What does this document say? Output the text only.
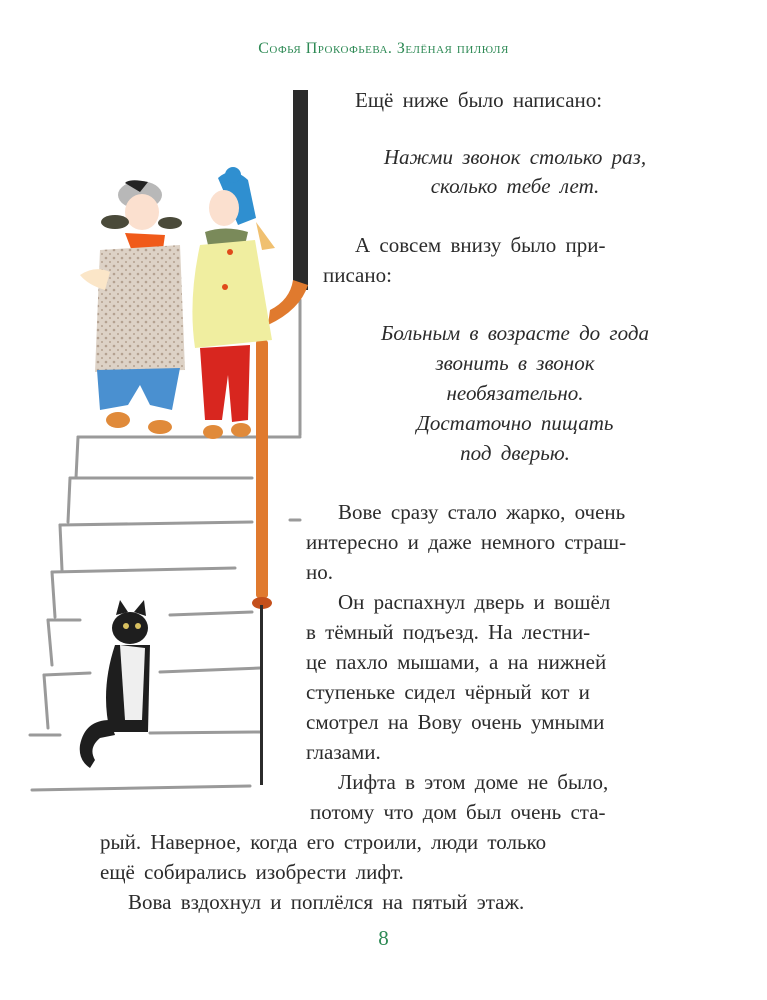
Софья Прокофьева. Зелёная пилюля
Ещё ниже было написано:
Нажми звонок столько раз,
сколько тебе лет.
А совсем внизу было при-
писано:
Больным в возрасте до года
звонить в звонок
необязательно.
Достаточно пищать
под дверью.
Вове сразу стало жарко, очень
интересно и даже немного страш-
но.
Он распахнул дверь и вошёл
в тёмный подъезд. На лестни-
це пахло мышами, а на нижней
ступеньке сидел чёрный кот и
смотрел на Вову очень умными
глазами.
Лифта в этом доме не было,
потому что дом был очень ста-
рый. Наверное, когда его строили, люди только
ещё собирались изобрести лифт.
Вова вздохнул и поплёлся на пятый этаж.
8
